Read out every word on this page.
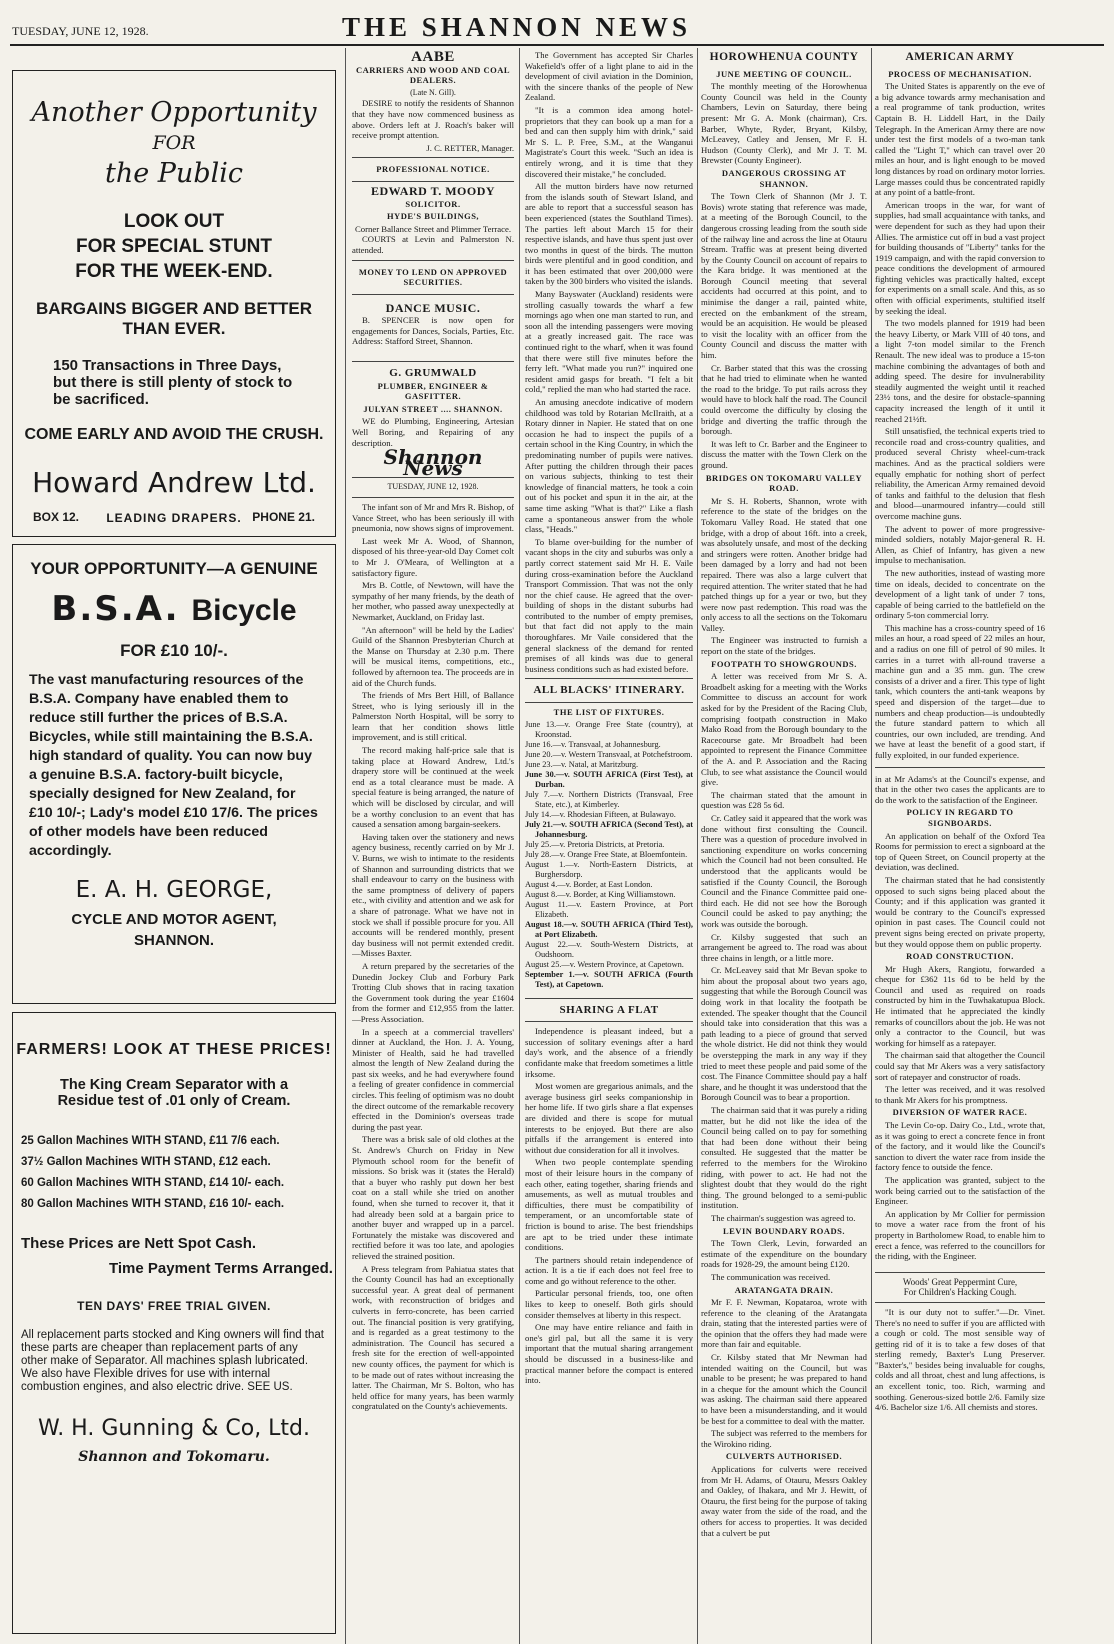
TUESDAY, JUNE 12, 1928.	THE SHANNON NEWS

Another Opportunity

FOR

the Public

LOOK OUT

FOR SPECIAL STUNT

FOR THE WEEK-END.

BARGAINS BIGGER AND BETTER THAN EVER.

150 Transactions in Three Days, but there is still plenty of stock to be sacrificed.

COME EARLY AND AVOID THE CRUSH.

Howard Andrew Ltd.

LEADING DRAPERS.

BOX 12.	PHONE 21.

YOUR OPPORTUNITY—A GENUINE

B.S.A. Bicycle

FOR £10 10/-.

The vast manufacturing resources of the B.S.A. Company have enabled them to reduce still further the prices of B.S.A. Bicycles, while still maintaining the B.S.A. high standard of quality. You can now buy a genuine B.S.A. factory-built bicycle, specially designed for New Zealand, for £10 10/-; Lady's model £10 17/6. The prices of other models have been reduced accordingly.

E. A. H. GEORGE,

CYCLE AND MOTOR AGENT,

SHANNON.

FARMERS! LOOK AT THESE PRICES!

The King Cream Separator with a Residue test of .01 only of Cream.

25 Gallon Machines WITH STAND, £11 7/6 each.
37½ Gallon Machines WITH STAND, £12 each.
60 Gallon Machines WITH STAND, £14 10/- each.
80 Gallon Machines WITH STAND, £16 10/- each.

These Prices are Nett Spot Cash.

Time Payment Terms Arranged.

TEN DAYS' FREE TRIAL GIVEN.

All replacement parts stocked and King owners will find that these parts are cheaper than replacement parts of any other make of Separator. All machines splash lubricated. We also have Flexible drives for use with internal combustion engines, and also electric drive. SEE US.

W. H. Gunning & Co, Ltd.

Shannon and Tokomaru.

AABE
CARRIERS AND WOOD AND COAL DEALERS.
(Late N. Gill).

DESIRE to notify the residents of Shannon that they have now commenced business as above. Orders left at J. Roach's baker will receive prompt attention.

J. C. RETTER, Manager.

PROFESSIONAL NOTICE.
EDWARD T. MOODY
SOLICITOR.
HYDE'S BUILDINGS,
Corner Ballance Street and Plimmer Terrace.

COURTS at Levin and Palmerston N. attended.

MONEY TO LEND ON APPROVED SECURITIES.
DANCE MUSIC.

B. SPENCER is now open for engagements for Dances, Socials, Parties, Etc. Address: Stafford Street, Shannon.

G. GRUMWALD
PLUMBER, ENGINEER & GASFITTER.
JULYAN STREET .... SHANNON.

WE do Plumbing, Engineering, Artesian Well Boring, and Repairing of any description.

Shannon News
TUESDAY, JUNE 12, 1928.

The infant son of Mr and Mrs R. Bishop, of Vance Street, who has been seriously ill with pneumonia, now shows signs of improvement.

Last week Mr A. Wood, of Shannon, disposed of his three-year-old Day Comet colt to Mr J. O'Meara, of Wellington at a satisfactory figure.

Mrs B. Cottle, of Newtown, will have the sympathy of her many friends, by the death of her mother, who passed away unexpectedly at Newmarket, Auckland, on Friday last.

"An afternoon" will be held by the Ladies' Guild of the Shannon Presbyterian Church at the Manse on Thursday at 2.30 p.m. There will be musical items, competitions, etc., followed by afternoon tea. The proceeds are in aid of the Church funds.

The friends of Mrs Bert Hill, of Ballance Street, who is lying seriously ill in the Palmerston North Hospital, will be sorry to learn that her condition shows little improvement, and is still critical.

The record making half-price sale that is taking place at Howard Andrew, Ltd.'s drapery store will be continued at the week end as a total clearance must be made. A special feature is being arranged, the nature of which will be disclosed by circular, and will be a worthy conclusion to an event that has caused a sensation among bargain-seekers.

Having taken over the stationery and news agency business, recently carried on by Mr J. V. Burns, we wish to intimate to the residents of Shannon and surrounding districts that we shall endeavour to carry on the business with the same promptness of delivery of papers etc., with civility and attention and we ask for a share of patronage. What we have not in stock we shall if possible procure for you. All accounts will be rendered monthly, present day business will not permit extended credit.—Misses Baxter.

A return prepared by the secretaries of the Dunedin Jockey Club and Forbury Park Trotting Club shows that in racing taxation the Government took during the year £1604 from the former and £12,955 from the latter.—Press Association.

In a speech at a commercial travellers' dinner at Auckland, the Hon. J. A. Young, Minister of Health, said he had travelled almost the length of New Zealand during the past six weeks, and he had everywhere found a feeling of greater confidence in commercial circles. This feeling of optimism was no doubt the direct outcome of the remarkable recovery effected in the Dominion's overseas trade during the past year.

There was a brisk sale of old clothes at the St. Andrew's Church on Friday in New Plymouth school room for the benefit of missions. So brisk was it (states the Herald) that a buyer who rashly put down her best coat on a stall while she tried on another found, when she turned to recover it, that it had already been sold at a bargain price to another buyer and wrapped up in a parcel. Fortunately the mistake was discovered and rectified before it was too late, and apologies relieved the strained position.

A Press telegram from Pahiatua states that the County Council has had an exceptionally successful year. A great deal of permanent work, with reconstruction of bridges and culverts in ferro-concrete, has been carried out. The financial position is very gratifying, and is regarded as a great testimony to the administration. The Council has secured a fresh site for the erection of well-appointed new county offices, the payment for which is to be made out of rates without increasing the latter. The Chairman, Mr S. Bolton, who has held office for many years, has been warmly congratulated on the County's achievements.

The Government has accepted Sir Charles Wakefield's offer of a light plane to aid in the development of civil aviation in the Dominion, with the sincere thanks of the people of New Zealand.

"It is a common idea among hotel-proprietors that they can book up a man for a bed and can then supply him with drink," said Mr S. L. P. Free, S.M., at the Wanganui Magistrate's Court this week. "Such an idea is entirely wrong, and it is time that they discovered their mistake," he concluded.

All the mutton birders have now returned from the islands south of Stewart Island, and are able to report that a successful season has been experienced (states the Southland Times). The parties left about March 15 for their respective islands, and have thus spent just over two months in quest of the birds. The mutton birds were plentiful and in good condition, and it has been estimated that over 200,000 were taken by the 300 birders who visited the islands.

Many Bayswater (Auckland) residents were strolling casually towards the wharf a few mornings ago when one man started to run, and soon all the intending passengers were moving at a greatly increased gait. The race was continued right to the wharf, when it was found that there were still five minutes before the ferry left. "What made you run?" inquired one resident amid gasps for breath. "I felt a bit cold," replied the man who had started the race.

An amusing anecdote indicative of modern childhood was told by Rotarian McIlraith, at a Rotary dinner in Napier. He stated that on one occasion he had to inspect the pupils of a certain school in the King Country, in which the predominating number of pupils were natives. After putting the children through their paces on various subjects, thinking to test their knowledge of financial matters, he took a coin out of his pocket and spun it in the air, at the same time asking "What is that?" Like a flash came a spontaneous answer from the whole class, "Heads."

To blame over-building for the number of vacant shops in the city and suburbs was only a partly correct statement said Mr H. E. Vaile during cross-examination before the Auckland Transport Commission. That was not the only nor the chief cause. He agreed that the over-building of shops in the distant suburbs had contributed to the number of empty premises, but that fact did not apply to the main thoroughfares. Mr Vaile considered that the general slackness of the demand for rented premises of all kinds was due to general business conditions such as had existed before.

ALL BLACKS' ITINERARY.
THE LIST OF FIXTURES.
June 13.—v. Orange Free State (country), at Kroonstad.
June 16.—v. Transvaal, at Johannesburg.
June 20.—v. Western Transvaal, at Potchefstroom.
June 23.—v. Natal, at Maritzburg.
June 30.—v. SOUTH AFRICA (First Test), at Durban.
July 7.—v. Northern Districts (Transvaal, Free State, etc.), at Kimberley.
July 14.—v. Rhodesian Fifteen, at Bulawayo.
July 21.—v. SOUTH AFRICA (Second Test), at Johannesburg.
July 25.—v. Pretoria Districts, at Pretoria.
July 28.—v. Orange Free State, at Bloemfontein.
August 1.—v. North-Eastern Districts, at Burghersdorp.
August 4.—v. Border, at East London.
August 8.—v. Border, at King Williamstown.
August 11.—v. Eastern Province, at Port Elizabeth.
August 18.—v. SOUTH AFRICA (Third Test), at Port Elizabeth.
August 22.—v. South-Western Districts, at Oudshoorn.
August 25.—v. Western Province, at Capetown.
September 1.—v. SOUTH AFRICA (Fourth Test), at Capetown.
SHARING A FLAT

Independence is pleasant indeed, but a succession of solitary evenings after a hard day's work, and the absence of a friendly confidante make that freedom sometimes a little irksome.

Most women are gregarious animals, and the average business girl seeks companionship in her home life. If two girls share a flat expenses are divided and there is scope for mutual interests to be enjoyed. But there are also pitfalls if the arrangement is entered into without due consideration for all it involves.

When two people contemplate spending most of their leisure hours in the company of each other, eating together, sharing friends and amusements, as well as mutual troubles and difficulties, there must be compatibility of temperament, or an uncomfortable state of friction is bound to arise. The best friendships are apt to be tried under these intimate conditions.

The partners should retain independence of action. It is a tie if each does not feel free to come and go without reference to the other.

Particular personal friends, too, one often likes to keep to oneself. Both girls should consider themselves at liberty in this respect.

One may have entire reliance and faith in one's girl pal, but all the same it is very important that the mutual sharing arrangement should be discussed in a business-like and practical manner before the compact is entered into.

HOROWHENUA COUNTY
JUNE MEETING OF COUNCIL.

The monthly meeting of the Horowhenua County Council was held in the County Chambers, Levin on Saturday, there being present: Mr G. A. Monk (chairman), Crs. Barber, Whyte, Ryder, Bryant, Kilsby, McLeavey, Catley and Jensen, Mr F. H. Hudson (County Clerk), and Mr J. T. M. Brewster (County Engineer).

DANGEROUS CROSSING AT SHANNON.

The Town Clerk of Shannon (Mr J. T. Bovis) wrote stating that reference was made, at a meeting of the Borough Council, to the dangerous crossing leading from the south side of the railway line and across the line at Otauru Stream. Traffic was at present being diverted by the County Council on account of repairs to the Kara bridge. It was mentioned at the Borough Council meeting that several accidents had occurred at this point, and to minimise the danger a rail, painted white, erected on the embankment of the stream, would be an acquisition. He would be pleased to visit the locality with an officer from the County Council and discuss the matter with him.

Cr. Barber stated that this was the crossing that he had tried to eliminate when he wanted the road to the bridge. To put rails across they would have to block half the road. The Council could overcome the difficulty by closing the bridge and diverting the traffic through the borough.

It was left to Cr. Barber and the Engineer to discuss the matter with the Town Clerk on the ground.

BRIDGES ON TOKOMARU VALLEY ROAD.

Mr S. H. Roberts, Shannon, wrote with reference to the state of the bridges on the Tokomaru Valley Road. He stated that one bridge, with a drop of about 16ft. into a creek, was absolutely unsafe, and most of the decking and stringers were rotten. Another bridge had been damaged by a lorry and had not been repaired. There was also a large culvert that required attention. The writer stated that he had patched things up for a year or two, but they were now past redemption. This road was the only access to all the sections on the Tokomaru Valley.

The Engineer was instructed to furnish a report on the state of the bridges.

FOOTPATH TO SHOWGROUNDS.

A letter was received from Mr S. A. Broadbelt asking for a meeting with the Works Committee to discuss an account for work asked for by the President of the Racing Club, comprising footpath construction in Mako Mako Road from the Borough boundary to the Racecourse gate. Mr Broadbelt had been appointed to represent the Finance Committee of the A. and P. Association and the Racing Club, to see what assistance the Council would give.

The chairman stated that the amount in question was £28 5s 6d.

Cr. Catley said it appeared that the work was done without first consulting the Council. There was a question of procedure involved in sanctioning expenditure on works concerning which the Council had not been consulted. He understood that the applicants would be satisfied if the County Council, the Borough Council and the Finance Committee paid one-third each. He did not see how the Borough Council could be asked to pay anything; the work was outside the borough.

Cr. Kilsby suggested that such an arrangement be agreed to. The road was about three chains in length, or a little more.

Cr. McLeavey said that Mr Bevan spoke to him about the proposal about two years ago, suggesting that while the Borough Council was doing work in that locality the footpath be extended. The speaker thought that the Council should take into consideration that this was a path leading to a piece of ground that served the whole district. He did not think they would be overstepping the mark in any way if they tried to meet these people and paid some of the cost. The Finance Committee should pay a half share, and he thought it was understood that the Borough Council was to bear a proportion.

The chairman said that it was purely a riding matter, but he did not like the idea of the Council being called on to pay for something that had been done without their being consulted. He suggested that the matter be referred to the members for the Wirokino riding, with power to act. He had not the slightest doubt that they would do the right thing. The ground belonged to a semi-public institution.

The chairman's suggestion was agreed to.

LEVIN BOUNDARY ROADS.

The Town Clerk, Levin, forwarded an estimate of the expenditure on the boundary roads for 1928-29, the amount being £120.

The communication was received.

ARATANGATA DRAIN.

Mr F. F. Newman, Kopataroa, wrote with reference to the cleaning of the Aratangata drain, stating that the interested parties were of the opinion that the offers they had made were more than fair and equitable.

Cr. Kilsby stated that Mr Newman had intended waiting on the Council, but was unable to be present; he was prepared to hand in a cheque for the amount which the Council was asking. The chairman said there appeared to have been a misunderstanding, and it would be best for a committee to deal with the matter.

The subject was referred to the members for the Wirokino riding.

CULVERTS AUTHORISED.

Applications for culverts were received from Mr H. Adams, of Otauru, Messrs Oakley and Oakley, of Ihakara, and Mr J. Hewitt, of Otauru, the first being for the purpose of taking away water from the side of the road, and the others for access to properties. It was decided that a culvert be put

AMERICAN ARMY
PROCESS OF MECHANISATION.

The United States is apparently on the eve of a big advance towards army mechanisation and a real programme of tank production, writes Captain B. H. Liddell Hart, in the Daily Telegraph. In the American Army there are now under test the first models of a two-man tank called the "Light T," which can travel over 20 miles an hour, and is light enough to be moved long distances by road on ordinary motor lorries. Large masses could thus be concentrated rapidly at any point of a battle-front.

American troops in the war, for want of supplies, had small acquaintance with tanks, and were dependent for such as they had upon their Allies. The armistice cut off in bud a vast project for building thousands of "Liberty" tanks for the 1919 campaign, and with the rapid conversion to peace conditions the development of armoured fighting vehicles was practically halted, except for experiments on a small scale. And this, as so often with official experiments, stultified itself by seeking the ideal.

The two models planned for 1919 had been the heavy Liberty, or Mark VIII of 40 tons, and a light 7-ton model similar to the French Renault. The new ideal was to produce a 15-ton machine combining the advantages of both and adding speed. The desire for invulnerability steadily augmented the weight until it reached 23½ tons, and the desire for obstacle-spanning capacity increased the length of it until it reached 21½ft.

Still unsatisfied, the technical experts tried to reconcile road and cross-country qualities, and produced several Christy wheel-cum-track machines. And as the practical soldiers were equally emphatic for nothing short of perfect reliability, the American Army remained devoid of tanks and faithful to the delusion that flesh and blood—unarmoured infantry—could still overcome machine guns.

The advent to power of more progressive-minded soldiers, notably Major-general R. H. Allen, as Chief of Infantry, has given a new impulse to mechanisation.

The new authorities, instead of wasting more time on ideals, decided to concentrate on the development of a light tank of under 7 tons, capable of being carried to the battlefield on the ordinary 5-ton commercial lorry.

This machine has a cross-country speed of 16 miles an hour, a road speed of 22 miles an hour, and a radius on one fill of petrol of 90 miles. It carries in a turret with all-round traverse a machine gun and a 35 mm. gun. The crew consists of a driver and a firer. This type of light tank, which counters the anti-tank weapons by speed and dispersion of the target—due to numbers and cheap production—is undoubtedly the future standard pattern to which all countries, our own included, are trending. And we have at least the benefit of a good start, if fully exploited, in our funded experience.

in at Mr Adams's at the Council's expense, and that in the other two cases the applicants are to do the work to the satisfaction of the Engineer.

POLICY IN REGARD TO SIGNBOARDS.

An application on behalf of the Oxford Tea Rooms for permission to erect a signboard at the top of Queen Street, on Council property at the deviation, was declined.

The chairman stated that he had consistently opposed to such signs being placed about the County; and if this application was granted it would be contrary to the Council's expressed opinion in past cases. The Council could not prevent signs being erected on private property, but they would oppose them on public property.

ROAD CONSTRUCTION.

Mr Hugh Akers, Rangiotu, forwarded a cheque for £362 11s 6d to be held by the Council and used as required on roads constructed by him in the Tuwhakatupua Block. He intimated that he appreciated the kindly remarks of councillors about the job. He was not only a contractor to the Council, but was working for himself as a ratepayer.

The chairman said that altogether the Council could say that Mr Akers was a very satisfactory sort of ratepayer and constructor of roads.

The letter was received, and it was resolved to thank Mr Akers for his promptness.

DIVERSION OF WATER RACE.

The Levin Co-op. Dairy Co., Ltd., wrote that, as it was going to erect a concrete fence in front of the factory, and it would like the Council's sanction to divert the water race from inside the factory fence to outside the fence.

The application was granted, subject to the work being carried out to the satisfaction of the Engineer.

An application by Mr Collier for permission to move a water race from the front of his property in Bartholomew Road, to enable him to erect a fence, was referred to the councillors for the riding, with the Engineer.

Woods' Great Peppermint Cure,
For Children's Hacking Cough.

"It is our duty not to suffer."—Dr. Vinet. There's no need to suffer if you are afflicted with a cough or cold. The most sensible way of getting rid of it is to take a few doses of that sterling remedy, Baxter's Lung Preserver. "Baxter's," besides being invaluable for coughs, colds and all throat, chest and lung affections, is an excellent tonic, too. Rich, warming and soothing. Generous-sized bottle 2/6. Family size 4/6. Bachelor size 1/6. All chemists and stores.
